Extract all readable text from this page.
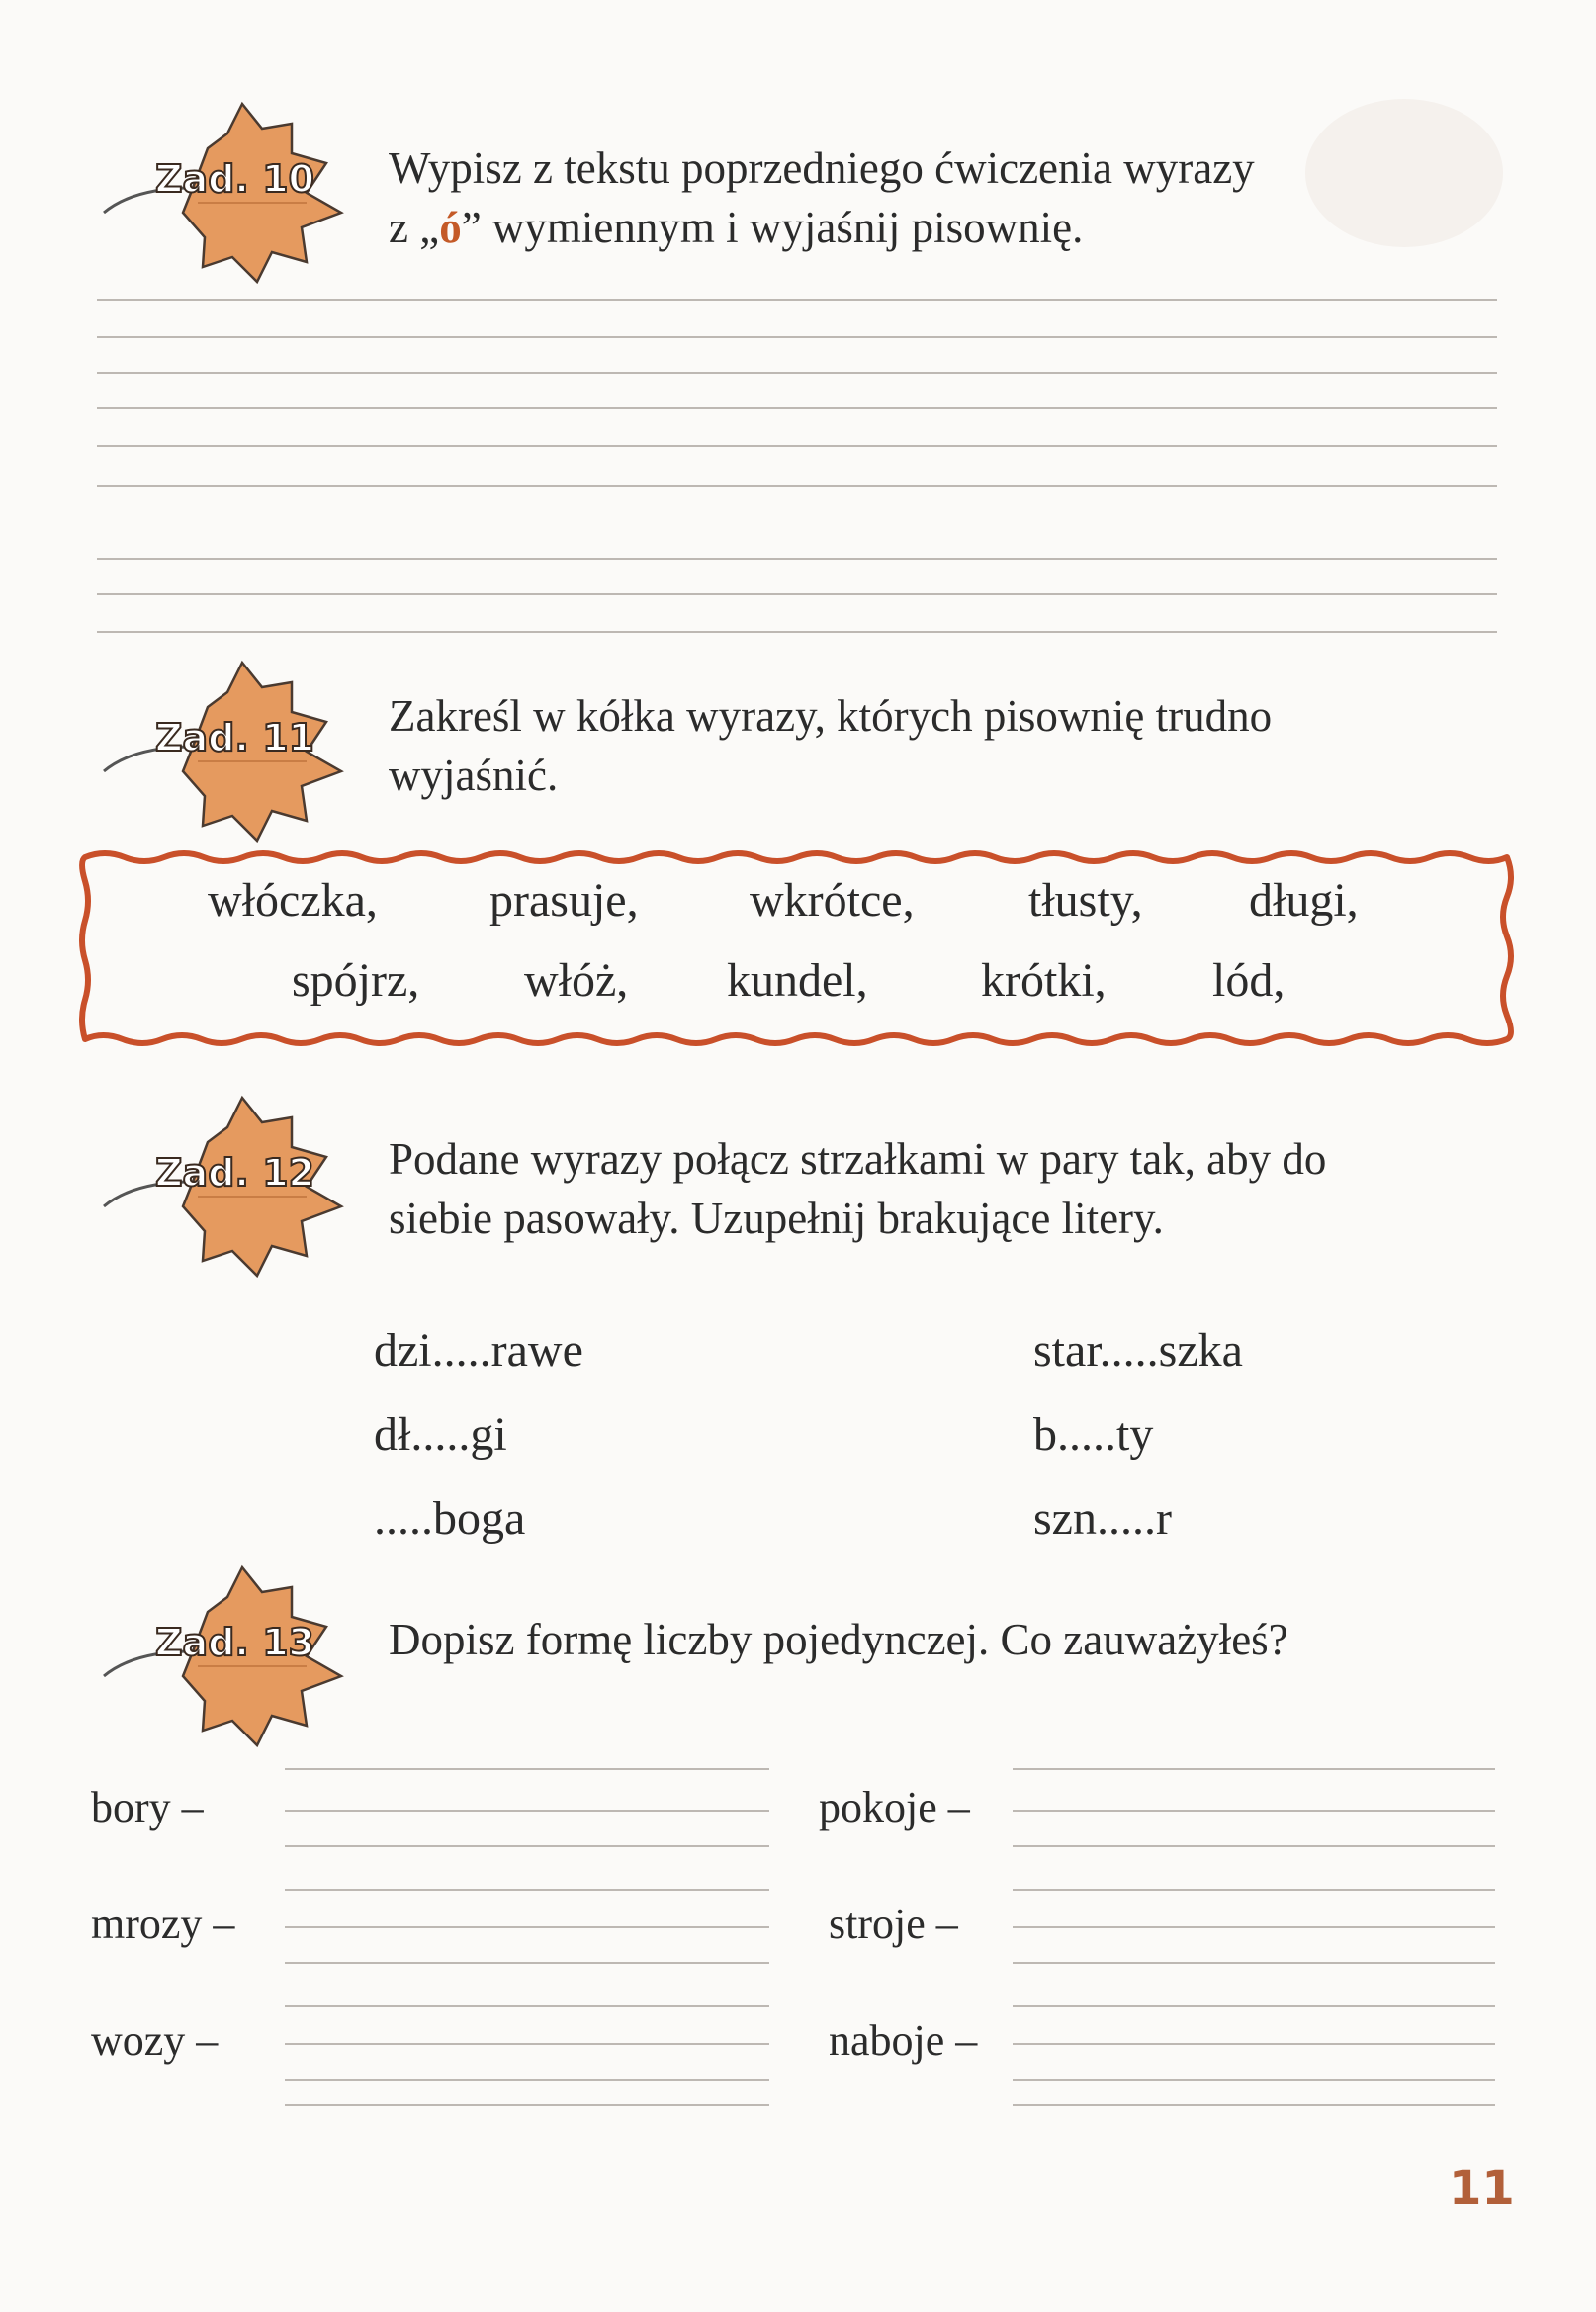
Zad. 10 Wypisz z tekstu poprzedniego ćwiczenia wyrazy
z „ó” wymiennym i wyjaśnij pisownię.
Zad. 11 Zakreśl w kółka wyrazy, których pisownię trudno
wyjaśnić.
włóczka, prasuje, wkrótce, tłusty, długi,
spójrz, włóż, kundel, krótki, lód,
Zad. 12 Podane wyrazy połącz strzałkami w pary tak, aby do
siebie pasowały. Uzupełnij brakujące litery.
dzi.....rawe
dł.....gi
.....boga
star.....szka
b.....ty
szn.....r
Zad. 13 Dopisz formę liczby pojedynczej. Co zauważyłeś?
bory –
mrozy –
wozy –
pokoje –
stroje –
naboje –
11
